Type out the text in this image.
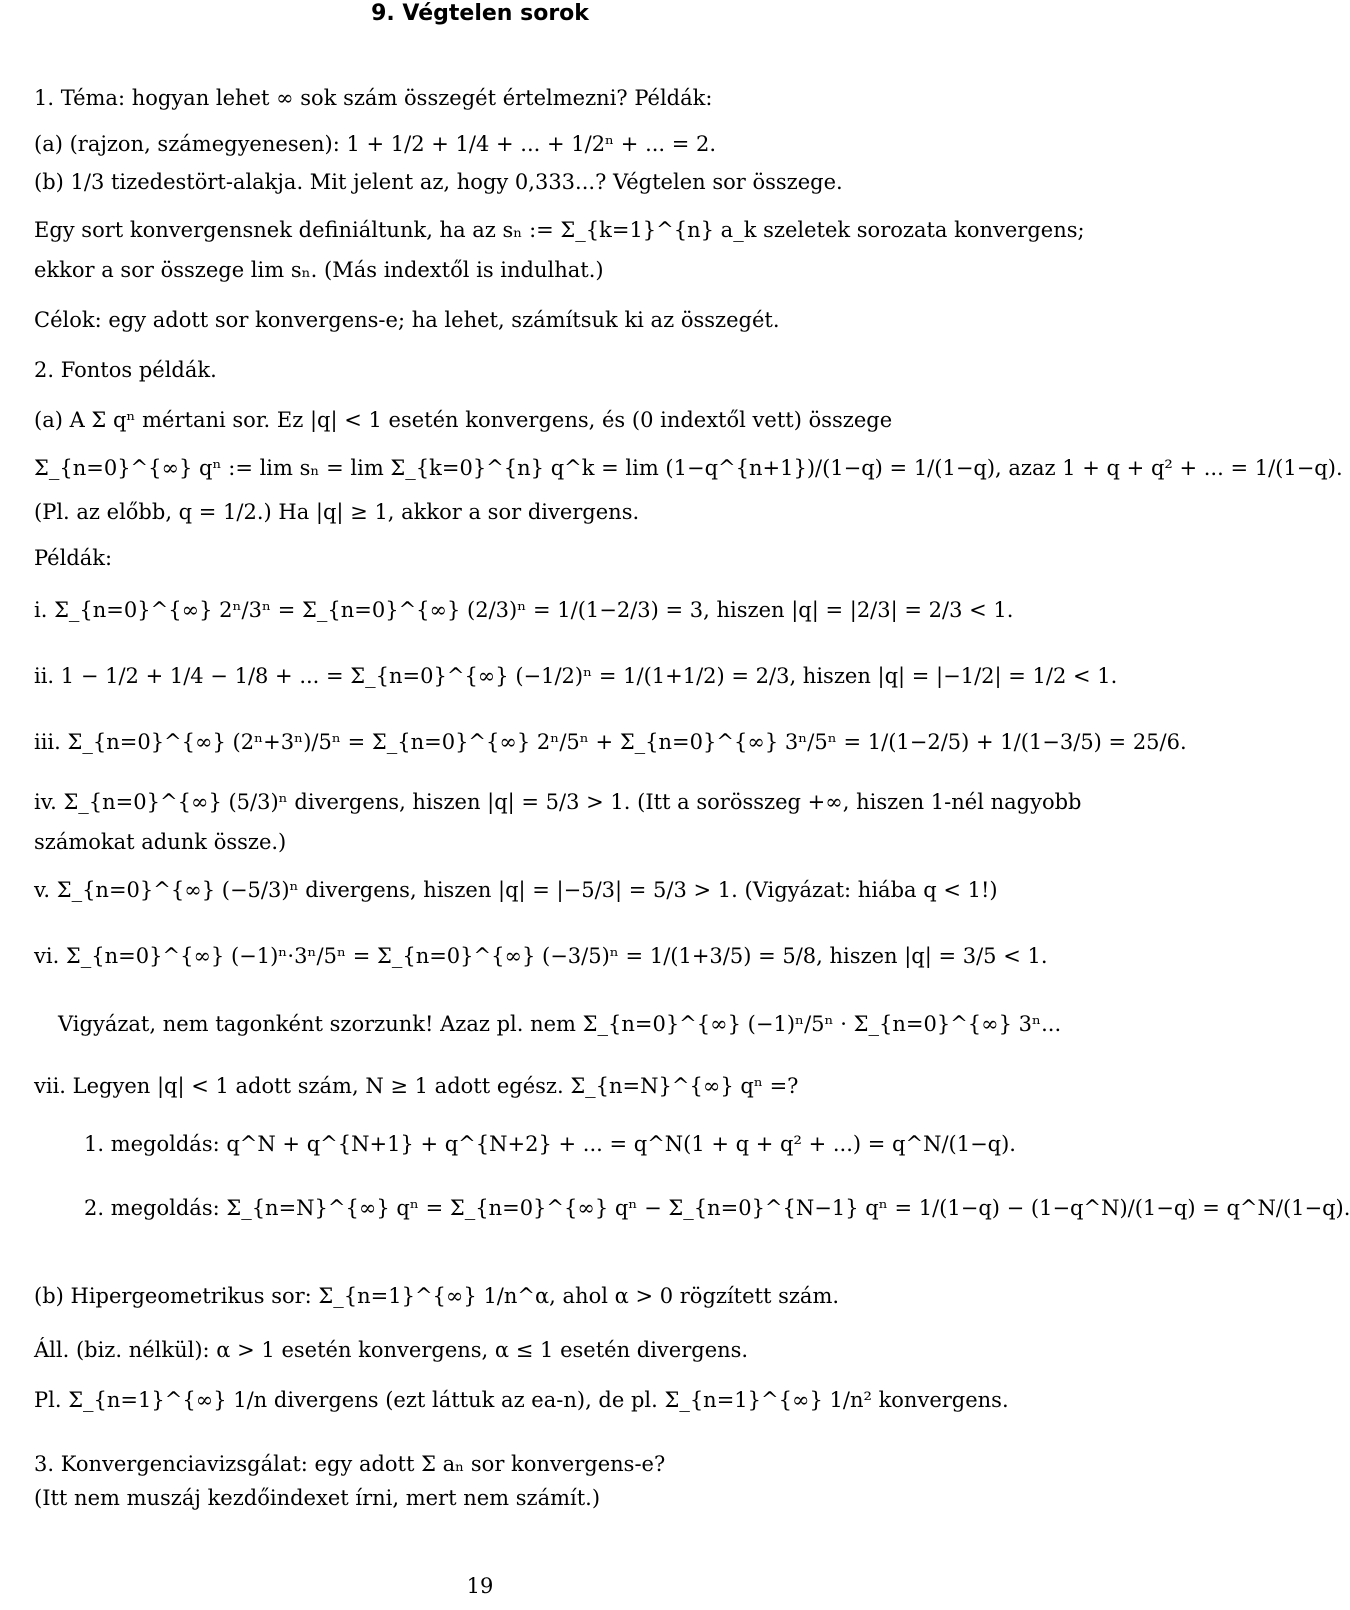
9. Végtelen sorok
1. Téma: hogyan lehet ∞ sok szám összegét értelmezni? Példák:
(a) (rajzon, számegyenesen): 1 + 1/2 + 1/4 + ... + 1/2ⁿ + ... = 2.
(b) 1/3 tizedestört-alakja. Mit jelent az, hogy 0,333...? Végtelen sor összege.
Egy sort konvergensnek definiáltunk, ha az sₙ := Σ_{k=1}^{n} a_k szeletek sorozata konvergens;
ekkor a sor összege lim sₙ. (Más indextől is indulhat.)
Célok: egy adott sor konvergens-e; ha lehet, számítsuk ki az összegét.
2. Fontos példák.
(a) A Σ qⁿ mértani sor. Ez |q| < 1 esetén konvergens, és (0 indextől vett) összege
Σ_{n=0}^{∞} qⁿ := lim sₙ = lim Σ_{k=0}^{n} q^k = lim (1−q^{n+1})/(1−q) = 1/(1−q), azaz 1 + q + q² + ... = 1/(1−q).
(Pl. az előbb, q = 1/2.) Ha |q| ≥ 1, akkor a sor divergens.
Példák:
i. Σ_{n=0}^{∞} 2ⁿ/3ⁿ = Σ_{n=0}^{∞} (2/3)ⁿ = 1/(1−2/3) = 3, hiszen |q| = |2/3| = 2/3 < 1.
ii. 1 − 1/2 + 1/4 − 1/8 + ... = Σ_{n=0}^{∞} (−1/2)ⁿ = 1/(1+1/2) = 2/3, hiszen |q| = |−1/2| = 1/2 < 1.
iii. Σ_{n=0}^{∞} (2ⁿ+3ⁿ)/5ⁿ = Σ_{n=0}^{∞} 2ⁿ/5ⁿ + Σ_{n=0}^{∞} 3ⁿ/5ⁿ = 1/(1−2/5) + 1/(1−3/5) = 25/6.
iv. Σ_{n=0}^{∞} (5/3)ⁿ divergens, hiszen |q| = 5/3 > 1. (Itt a sorösszeg +∞, hiszen 1-nél nagyobb
számokat adunk össze.)
v. Σ_{n=0}^{∞} (−5/3)ⁿ divergens, hiszen |q| = |−5/3| = 5/3 > 1. (Vigyázat: hiába q < 1!)
vi. Σ_{n=0}^{∞} (−1)ⁿ·3ⁿ/5ⁿ = Σ_{n=0}^{∞} (−3/5)ⁿ = 1/(1+3/5) = 5/8, hiszen |q| = 3/5 < 1.
Vigyázat, nem tagonként szorzunk! Azaz pl. nem Σ_{n=0}^{∞} (−1)ⁿ/5ⁿ · Σ_{n=0}^{∞} 3ⁿ...
vii. Legyen |q| < 1 adott szám, N ≥ 1 adott egész. Σ_{n=N}^{∞} qⁿ =?
1. megoldás: q^N + q^{N+1} + q^{N+2} + ... = q^N(1 + q + q² + ...) = q^N/(1−q).
2. megoldás: Σ_{n=N}^{∞} qⁿ = Σ_{n=0}^{∞} qⁿ − Σ_{n=0}^{N−1} qⁿ = 1/(1−q) − (1−q^N)/(1−q) = q^N/(1−q).
(b) Hipergeometrikus sor: Σ_{n=1}^{∞} 1/n^α, ahol α > 0 rögzített szám.
Áll. (biz. nélkül): α > 1 esetén konvergens, α ≤ 1 esetén divergens.
Pl. Σ_{n=1}^{∞} 1/n divergens (ezt láttuk az ea-n), de pl. Σ_{n=1}^{∞} 1/n² konvergens.
3. Konvergenciavizsgálat: egy adott Σ aₙ sor konvergens-e?
(Itt nem muszáj kezdőindexet írni, mert nem számít.)
19
